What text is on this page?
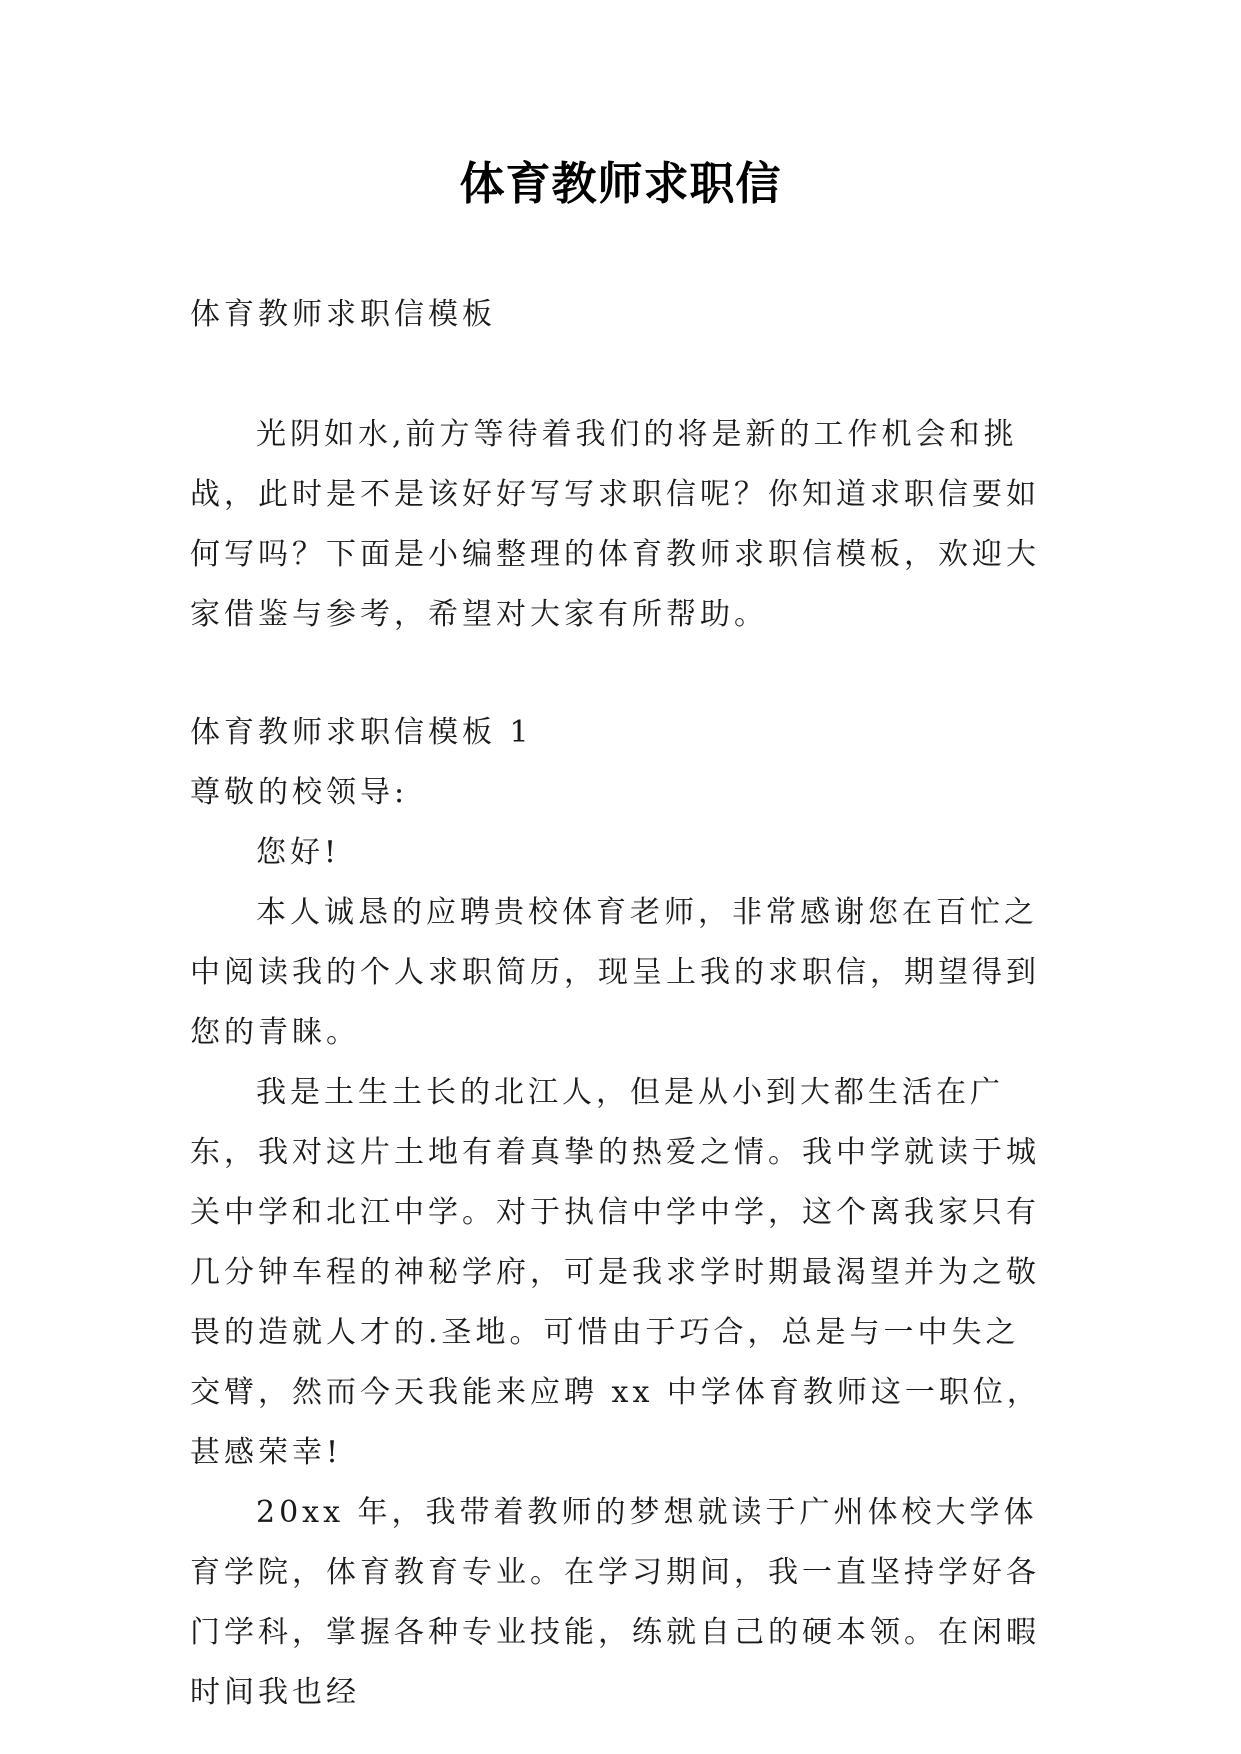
体育教师求职信

体育教师求职信模板

光阴如水,前方等待着我们的将是新的工作机会和挑战，此时是不是该好好写写求职信呢？你知道求职信要如何写吗？下面是小编整理的体育教师求职信模板，欢迎大家借鉴与参考，希望对大家有所帮助。

体育教师求职信模板 1

尊敬的校领导:

您好!

本人诚恳的应聘贵校体育老师，非常感谢您在百忙之中阅读我的个人求职简历，现呈上我的求职信，期望得到您的青睐。

我是土生土长的北江人，但是从小到大都生活在广东，我对这片土地有着真挚的热爱之情。我中学就读于城关中学和北江中学。对于执信中学中学，这个离我家只有几分钟车程的神秘学府，可是我求学时期最渴望并为之敬畏的造就人才的.圣地。可惜由于巧合，总是与一中失之交臂，然而今天我能来应聘 xx 中学体育教师这一职位，甚感荣幸!

20xx 年，我带着教师的梦想就读于广州体校大学体育学院，体育教育专业。在学习期间，我一直坚持学好各门学科，掌握各种专业技能，练就自己的硬本领。在闲暇时间我也经
